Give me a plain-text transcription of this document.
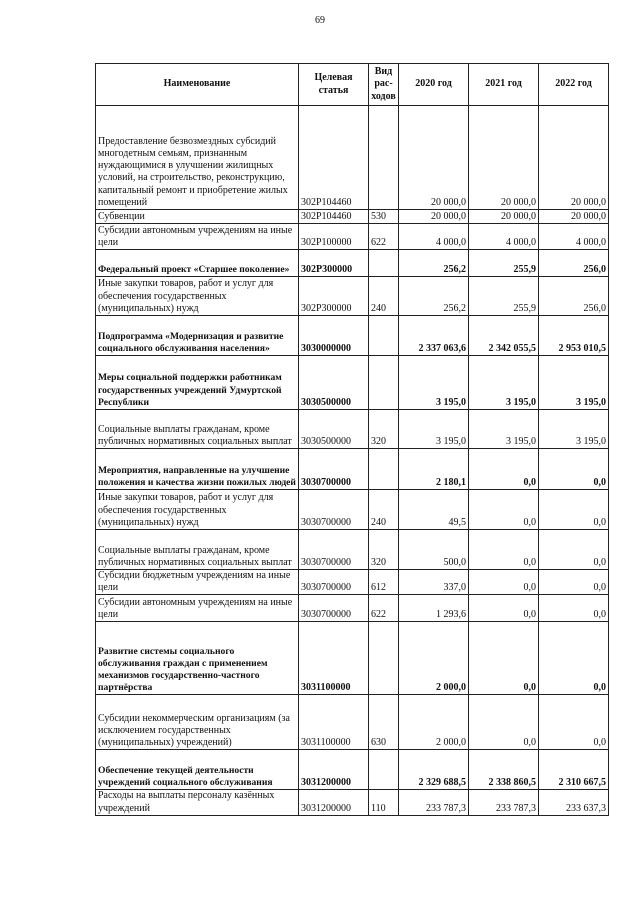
69
Наименование	Целевая статья	Вид рас-ходов	2020 год	2021 год	2022 год
Предоставление безвозмездных субсидий многодетным семьям, признанным нуждающимися в улучшении жилищных условий, на строительство, реконструкцию, капитальный ремонт и приобретение жилых помещений	302P104460		20 000,0	20 000,0	20 000,0
Субвенции	302P104460	530	20 000,0	20 000,0	20 000,0
Субсидии автономным учреждениям на иные цели	302P100000	622	4 000,0	4 000,0	4 000,0
Федеральный проект «Старшее поколение»	302P300000		256,2	255,9	256,0
Иные закупки товаров, работ и услуг для обеспечения государственных (муниципальных) нужд	302P300000	240	256,2	255,9	256,0
Подпрограмма «Модернизация и развитие социального обслуживания населения»	3030000000		2 337 063,6	2 342 055,5	2 953 010,5
Меры социальной поддержки работникам государственных учреждений Удмуртской Республики	3030500000		3 195,0	3 195,0	3 195,0
Социальные выплаты гражданам, кроме публичных нормативных социальных выплат	3030500000	320	3 195,0	3 195,0	3 195,0
Мероприятия, направленные на улучшение положения и качества жизни пожилых людей	3030700000		2 180,1	0,0	0,0
Иные закупки товаров, работ и услуг для обеспечения государственных (муниципальных) нужд	3030700000	240	49,5	0,0	0,0
Социальные выплаты гражданам, кроме публичных нормативных социальных выплат	3030700000	320	500,0	0,0	0,0
Субсидии бюджетным учреждениям на иные цели	3030700000	612	337,0	0,0	0,0
Субсидии автономным учреждениям на иные цели	3030700000	622	1 293,6	0,0	0,0
Развитие системы социального обслуживания граждан с применением механизмов государственно-частного партнёрства	3031100000		2 000,0	0,0	0,0
Субсидии некоммерческим организациям (за исключением государственных (муниципальных) учреждений)	3031100000	630	2 000,0	0,0	0,0
Обеспечение текущей деятельности учреждений социального обслуживания	3031200000		2 329 688,5	2 338 860,5	2 310 667,5
Расходы на выплаты персоналу казённых учреждений	3031200000	110	233 787,3	233 787,3	233 637,3
